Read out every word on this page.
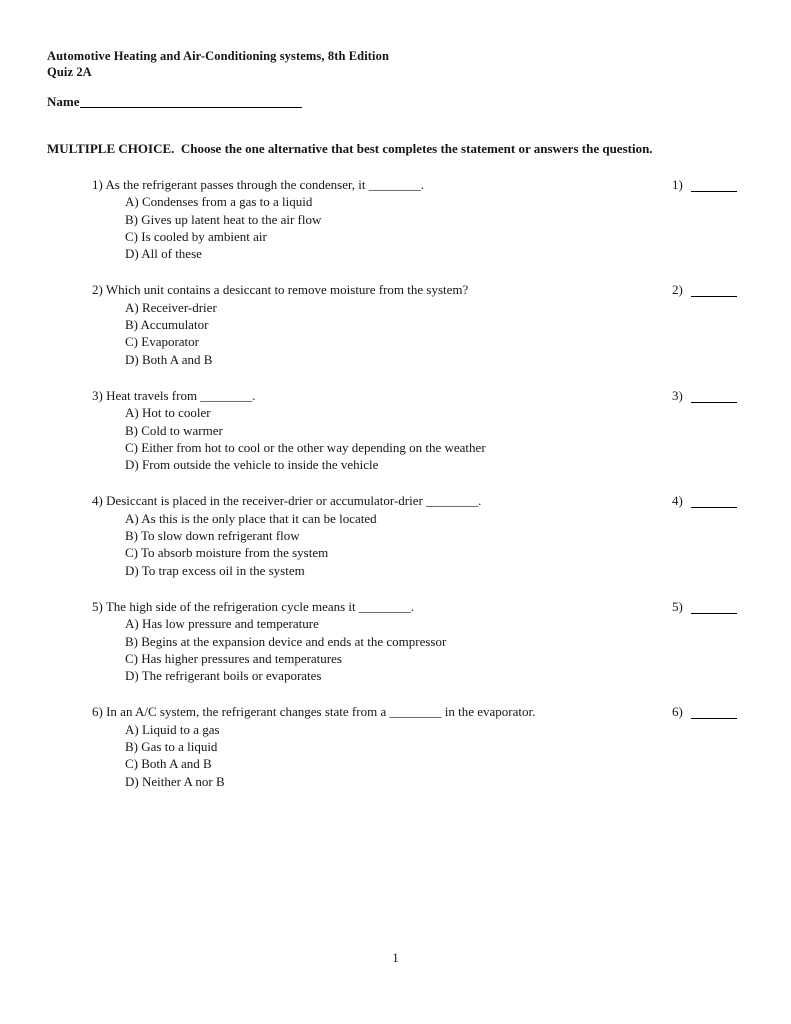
Automotive Heating and Air-Conditioning systems, 8th Edition
Quiz 2A
Name
MULTIPLE CHOICE.  Choose the one alternative that best completes the statement or answers the question.
1) As the refrigerant passes through the condenser, it ________.
A) Condenses from a gas to a liquid
B) Gives up latent heat to the air flow
C) Is cooled by ambient air
D) All of these
1)
2) Which unit contains a desiccant to remove moisture from the system?
A) Receiver-drier
B) Accumulator
C) Evaporator
D) Both A and B
2)
3) Heat travels from ________.
A) Hot to cooler
B) Cold to warmer
C) Either from hot to cool or the other way depending on the weather
D) From outside the vehicle to inside the vehicle
3)
4) Desiccant is placed in the receiver-drier or accumulator-drier ________.
A) As this is the only place that it can be located
B) To slow down refrigerant flow
C) To absorb moisture from the system
D) To trap excess oil in the system
4)
5) The high side of the refrigeration cycle means it ________.
A) Has low pressure and temperature
B) Begins at the expansion device and ends at the compressor
C) Has higher pressures and temperatures
D) The refrigerant boils or evaporates
5)
6) In an A/C system, the refrigerant changes state from a ________ in the evaporator.
A) Liquid to a gas
B) Gas to a liquid
C) Both A and B
D) Neither A nor B
6)
1
